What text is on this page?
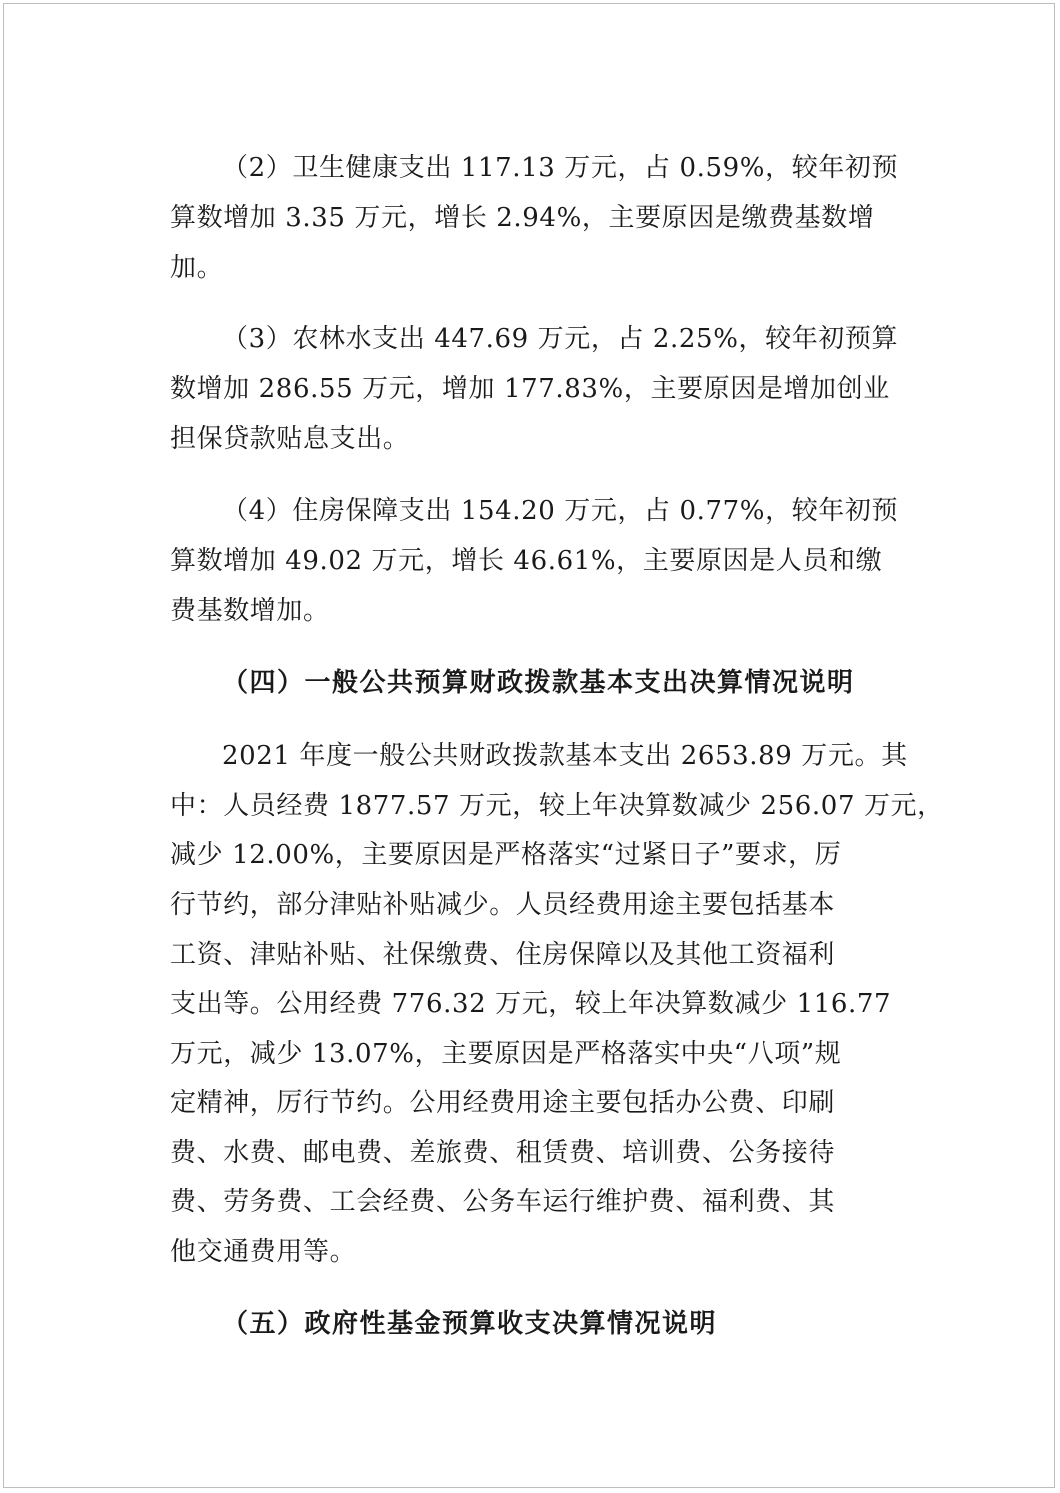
（2）卫生健康支出 117.13 万元，占 0.59%，较年初预
算数增加 3.35 万元，增长 2.94%，主要原因是缴费基数增
加。
（3）农林水支出 447.69 万元，占 2.25%，较年初预算
数增加 286.55 万元，增加 177.83%，主要原因是增加创业
担保贷款贴息支出。
（4）住房保障支出 154.20 万元，占 0.77%，较年初预
算数增加 49.02 万元，增长 46.61%，主要原因是人员和缴
费基数增加。
（四）一般公共预算财政拨款基本支出决算情况说明
2021 年度一般公共财政拨款基本支出 2653.89 万元。其
中：人员经费 1877.57 万元，较上年决算数减少 256.07 万元，
减少 12.00%，主要原因是严格落实“过紧日子”要求，厉
行节约，部分津贴补贴减少。人员经费用途主要包括基本
工资、津贴补贴、社保缴费、住房保障以及其他工资福利
支出等。公用经费 776.32 万元，较上年决算数减少 116.77
万元，减少 13.07%，主要原因是严格落实中央“八项”规
定精神，厉行节约。公用经费用途主要包括办公费、印刷
费、水费、邮电费、差旅费、租赁费、培训费、公务接待
费、劳务费、工会经费、公务车运行维护费、福利费、其
他交通费用等。
（五）政府性基金预算收支决算情况说明
